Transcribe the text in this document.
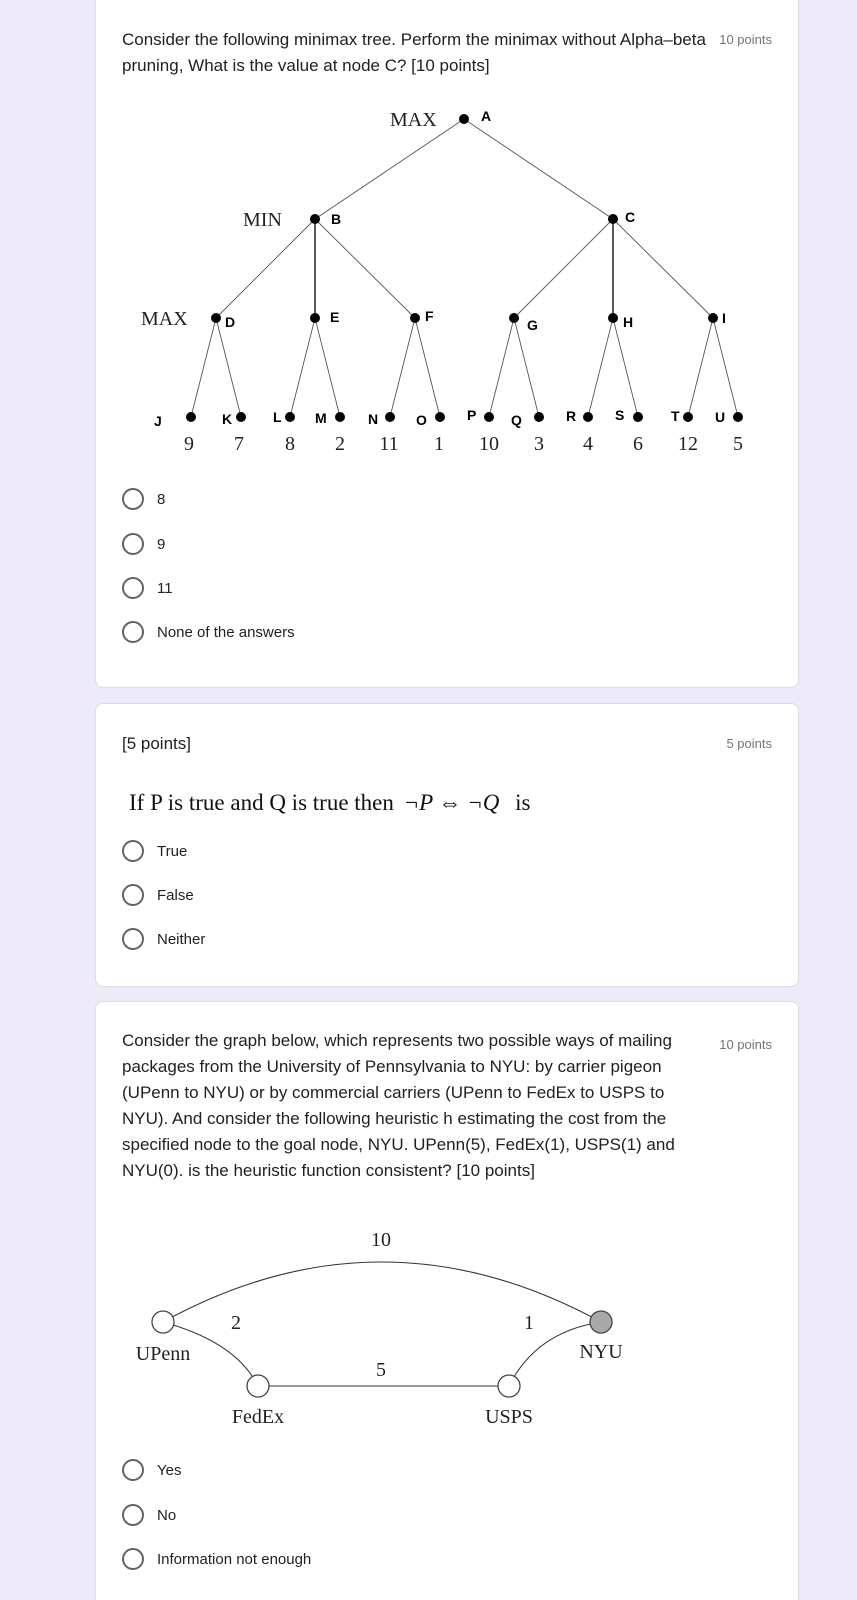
Consider the following minimax tree. Perform the minimax without Alpha–beta pruning, What is the value at node C? [10 points]
10 points
MAX
MIN
MAX
A
B	C
D	E	F
G	H	I
J	K	L M	N	O	P Q	R	S	T	U
9 7 8 2 11 1 10 3 4 6 12 5
8
9
11
None of the answers
[5 points]	5 points
If P is true and Q is true then ¬P ⇔ ¬Q is
True
False
Neither
Consider the graph below, which represents two possible ways of mailing packages from the University of Pennsylvania to NYU: by carrier pigeon (UPenn to NYU) or by commercial carriers (UPenn to FedEx to USPS to NYU). And consider the following heuristic h estimating the cost from the specified node to the goal node, NYU. UPenn(5), FedEx(1), USPS(1) and NYU(0). is the heuristic function consistent? [10 points]
10 points
UPenn
FedEx	USPS
NYU
10
2
5
1
Yes
No
Information not enough
